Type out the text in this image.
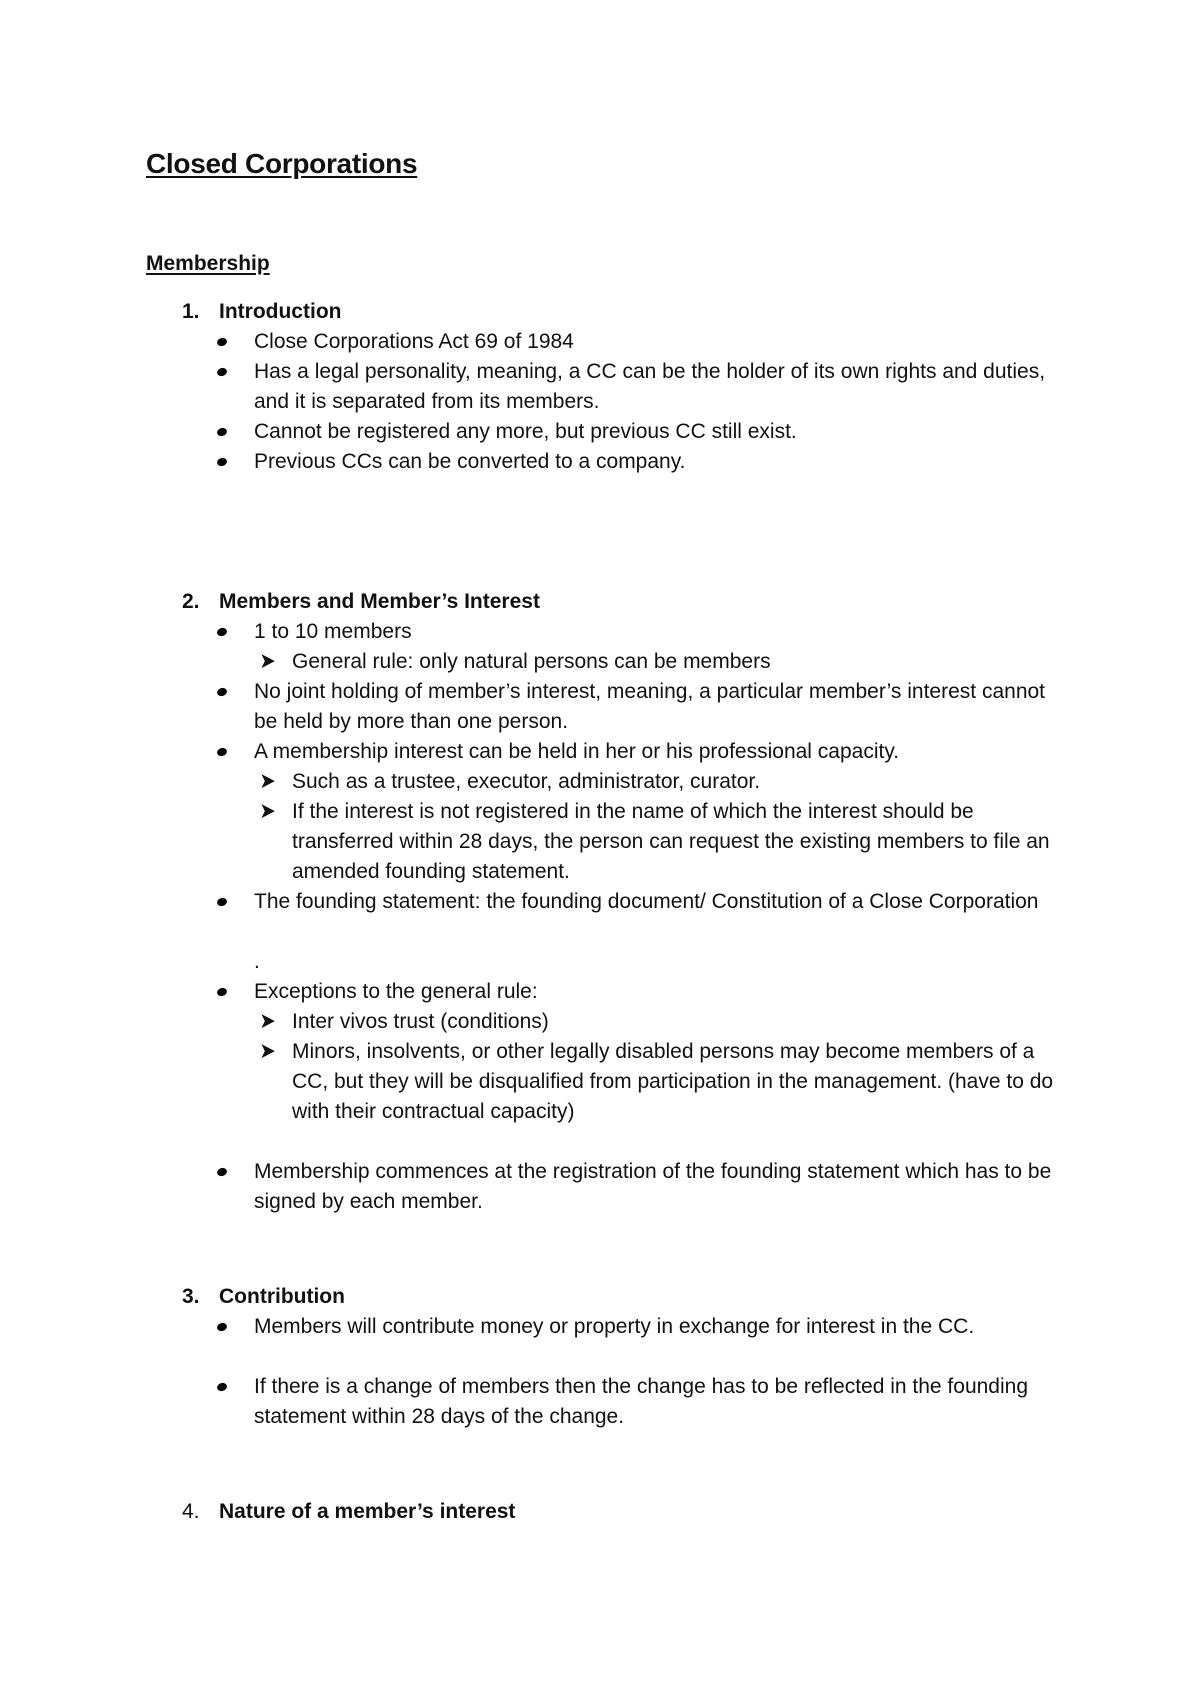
Closed Corporations
Membership
1. Introduction
Close Corporations Act 69 of 1984
Has a legal personality, meaning, a CC can be the holder of its own rights and duties, and it is separated from its members.
Cannot be registered any more, but previous CC still exist.
Previous CCs can be converted to a company.
2. Members and Member’s Interest
1 to 10 members
➤ General rule: only natural persons can be members
No joint holding of member’s interest, meaning, a particular member’s interest cannot be held by more than one person.
A membership interest can be held in her or his professional capacity.
➤ Such as a trustee, executor, administrator, curator.
➤ If the interest is not registered in the name of which the interest should be transferred within 28 days, the person can request the existing members to file an amended founding statement.
The founding statement: the founding document/ Constitution of a Close Corporation
.
Exceptions to the general rule:
➤ Inter vivos trust (conditions)
➤ Minors, insolvents, or other legally disabled persons may become members of a CC, but they will be disqualified from participation in the management. (have to do with their contractual capacity)
Membership commences at the registration of the founding statement which has to be signed by each member.
3. Contribution
Members will contribute money or property in exchange for interest in the CC.
If there is a change of members then the change has to be reflected in the founding statement within 28 days of the change.
4. Nature of a member’s interest
